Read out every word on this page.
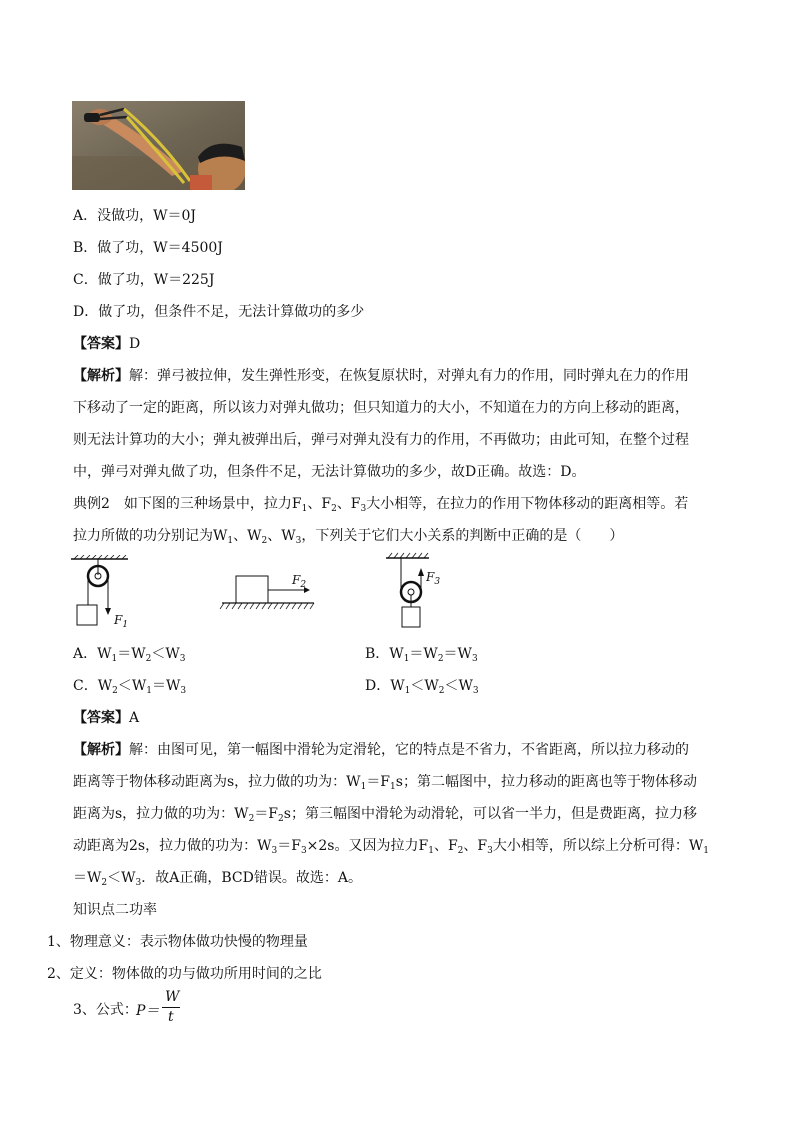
A．没做功，W＝0J
B．做了功，W＝4500J
C．做了功，W＝225J
D．做了功，但条件不足，无法计算做功的多少
【答案】D
【解析】解：弹弓被拉伸，发生弹性形变，在恢复原状时，对弹丸有力的作用，同时弹丸在力的作用
下移动了一定的距离，所以该力对弹丸做功；但只知道力的大小，不知道在力的方向上移动的距离，
则无法计算功的大小；弹丸被弹出后，弹弓对弹丸没有力的作用，不再做功；由此可知，在整个过程
中，弹弓对弹丸做了功，但条件不足，无法计算做功的多少，故D正确。故选：D。
典例2　如下图的三种场景中，拉力$F_1$、$F_2$、$F_3$大小相等，在拉力的作用下物体移动的距离相等。若
拉力所做的功分别记为$W_1$、$W_2$、$W_3$，下列关于它们大小关系的判断中正确的是（　　）
$F_1$
$F_2$
$F_3$
A．$W_1=W_2<W_3$	B．$W_1=W_2=W_3$
C．$W_2<W_1=W_3$	D．$W_1<W_2<W_3$
【答案】A
【解析】解：由图可见，第一幅图中滑轮为定滑轮，它的特点是不省力，不省距离，所以拉力移动的
距离等于物体移动距离为s，拉力做的功为：$W_1=F_1s$；第二幅图中，拉力移动的距离也等于物体移动
距离为s，拉力做的功为：$W_2=F_2s$；第三幅图中滑轮为动滑轮，可以省一半力，但是费距离，拉力移
动距离为2s，拉力做的功为：$W_3=F_3\times 2s$。又因为拉力$F_1$、$F_2$、$F_3$大小相等，所以综上分析可得：$W_1$
$=W_2<W_3$．故A正确，BCD错误。故选：A。
知识点二功率
1、物理意义：表示物体做功快慢的物理量
2、定义：物体做的功与做功所用时间的之比
3、公式：
P＝
W
t
